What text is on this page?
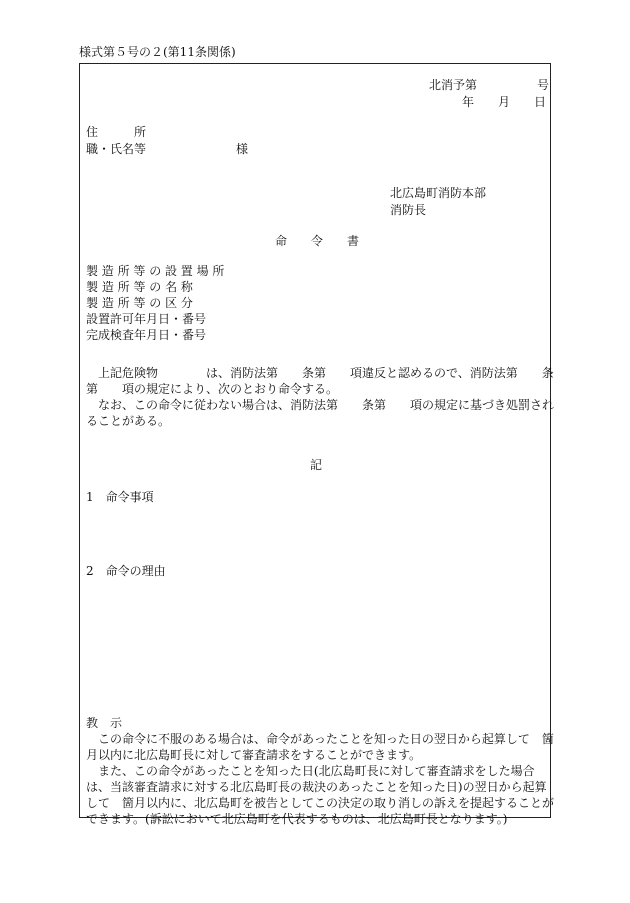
様式第５号の２(第11条関係)
北消予第　　　　　号
年　　月　　日
住　　　所
職・氏名等	様
北広島町消防本部
消防長
命　　令　　書
製造所等の設置場所
製 造 所 等 の 名 称
製 造 所 等 の 区 分
設置許可年月日・番号
完成検査年月日・番号
　上記危険物　　　　は、消防法第　　条第　　項違反と認めるので、消防法第　　条
第　　項の規定により、次のとおり命令する。
　なお、この命令に従わない場合は、消防法第　　条第　　項の規定に基づき処罰され
ることがある。
記
1　命令事項
2　命令の理由
教　示
　この命令に不服のある場合は、命令があったことを知った日の翌日から起算して　箇
月以内に北広島町長に対して審査請求をすることができます。
　また、この命令があったことを知った日(北広島町長に対して審査請求をした場合
は、当該審査請求に対する北広島町長の裁決のあったことを知った日)の翌日から起算
して　箇月以内に、北広島町を被告としてこの決定の取り消しの訴えを提起することが
できます。(訴訟において北広島町を代表するものは、北広島町長となります。)
